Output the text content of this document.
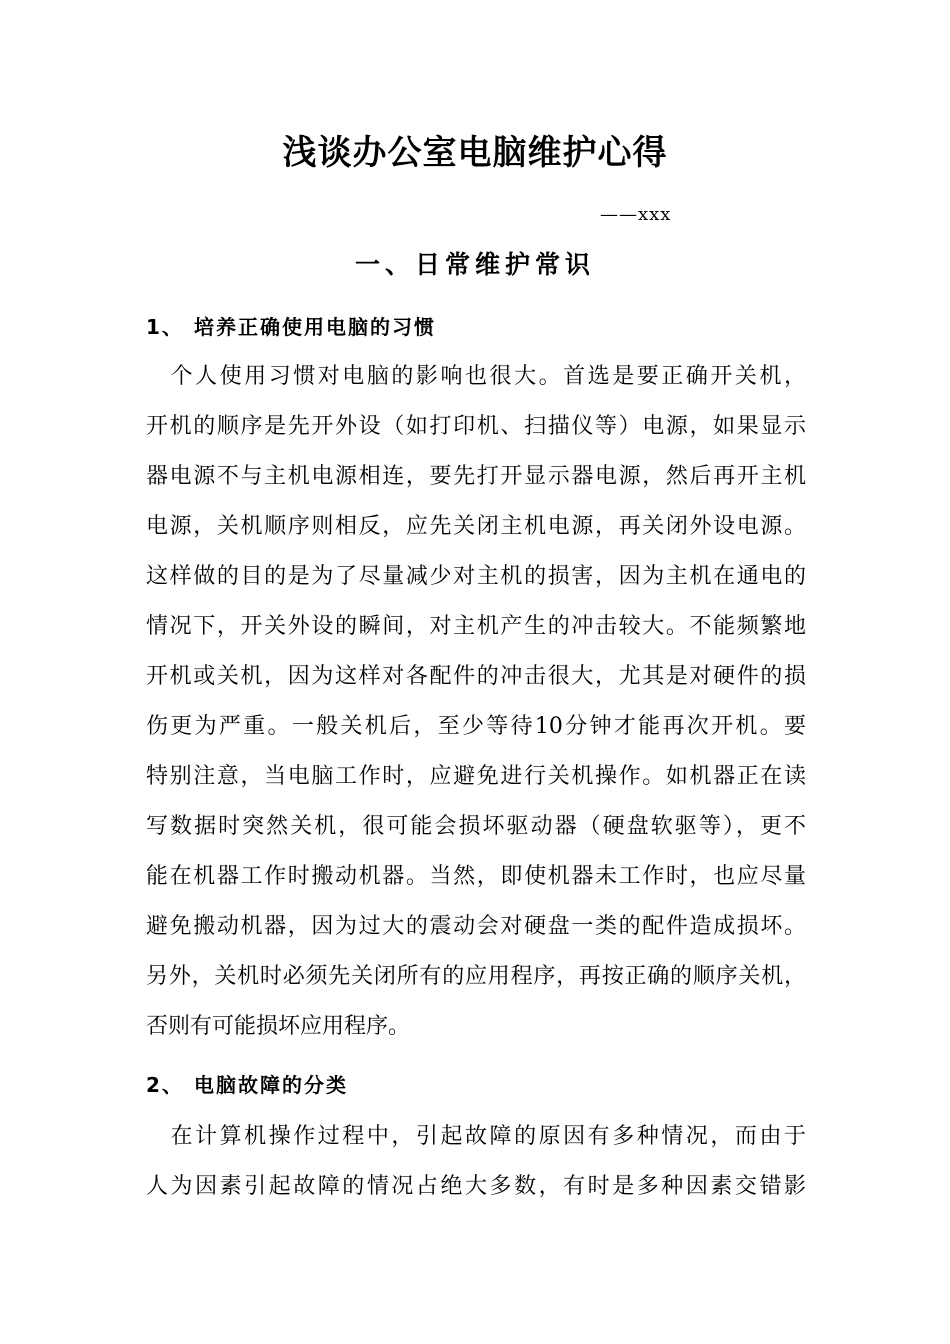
浅谈办公室电脑维护心得
——xxx
一、日常维护常识
1、 培养正确使用电脑的习惯
　个人使用习惯对电脑的影响也很大。首选是要正确开关机，
开机的顺序是先开外设（如打印机、扫描仪等）电源，如果显示
器电源不与主机电源相连，要先打开显示器电源，然后再开主机
电源，关机顺序则相反，应先关闭主机电源，再关闭外设电源。
这样做的目的是为了尽量减少对主机的损害，因为主机在通电的
情况下，开关外设的瞬间，对主机产生的冲击较大。不能频繁地
开机或关机，因为这样对各配件的冲击很大，尤其是对硬件的损
伤更为严重。一般关机后，至少等待10分钟才能再次开机。要
特别注意，当电脑工作时，应避免进行关机操作。如机器正在读
写数据时突然关机，很可能会损坏驱动器（硬盘软驱等），更不
能在机器工作时搬动机器。当然，即使机器未工作时，也应尽量
避免搬动机器，因为过大的震动会对硬盘一类的配件造成损坏。
另外，关机时必须先关闭所有的应用程序，再按正确的顺序关机，
否则有可能损坏应用程序。
2、 电脑故障的分类
　在计算机操作过程中，引起故障的原因有多种情况，而由于
人为因素引起故障的情况占绝大多数，有时是多种因素交错影
